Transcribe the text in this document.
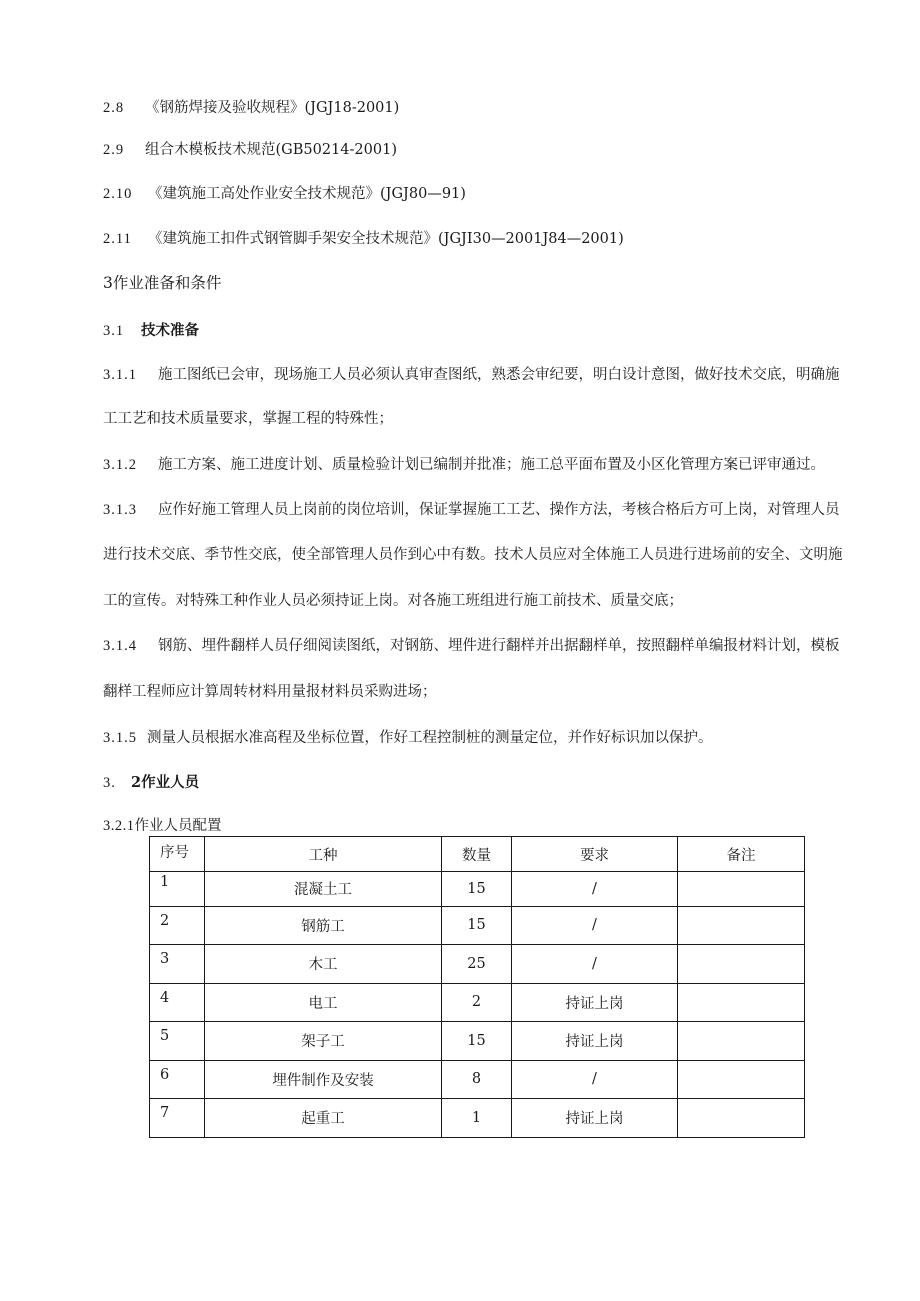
2.8 《钢筋焊接及验收规程》(JGJ18-2001)
2.9 组合木模板技术规范(GB50214-2001)
2.10 《建筑施工高处作业安全技术规范》(JGJ80—91)
2.11 《建筑施工扣件式钢管脚手架安全技术规范》(JGJI30—2001J84—2001)
3作业准备和条件
3.1 技术准备
3.1.1 施工图纸已会审，现场施工人员必须认真审查图纸，熟悉会审纪要，明白设计意图，做好技术交底，明确施
工工艺和技术质量要求，掌握工程的特殊性；
3.1.2 施工方案、施工进度计划、质量检验计划已编制并批准；施工总平面布置及小区化管理方案已评审通过。
3.1.3 应作好施工管理人员上岗前的岗位培训，保证掌握施工工艺、操作方法，考核合格后方可上岗，对管理人员
进行技术交底、季节性交底，使全部管理人员作到心中有数。技术人员应对全体施工人员进行进场前的安全、文明施
工的宣传。对特殊工种作业人员必须持证上岗。对各施工班组进行施工前技术、质量交底；
3.1.4 钢筋、埋件翻样人员仔细阅读图纸，对钢筋、埋件进行翻样并出据翻样单，按照翻样单编报材料计划，模板
翻样工程师应计算周转材料用量报材料员采购进场；
3.1.5 测量人员根据水准高程及坐标位置，作好工程控制桩的测量定位，并作好标识加以保护。
3. 2作业人员
3.2.1作业人员配置
序号	工种	数量	要求	备注
1	混凝土工	15	/	
2	钢筋工	15	/	
3	木工	25	/	
4	电工	2	持证上岗	
5	架子工	15	持证上岗	
6	埋件制作及安装	8	/	
7	起重工	1	持证上岗	
